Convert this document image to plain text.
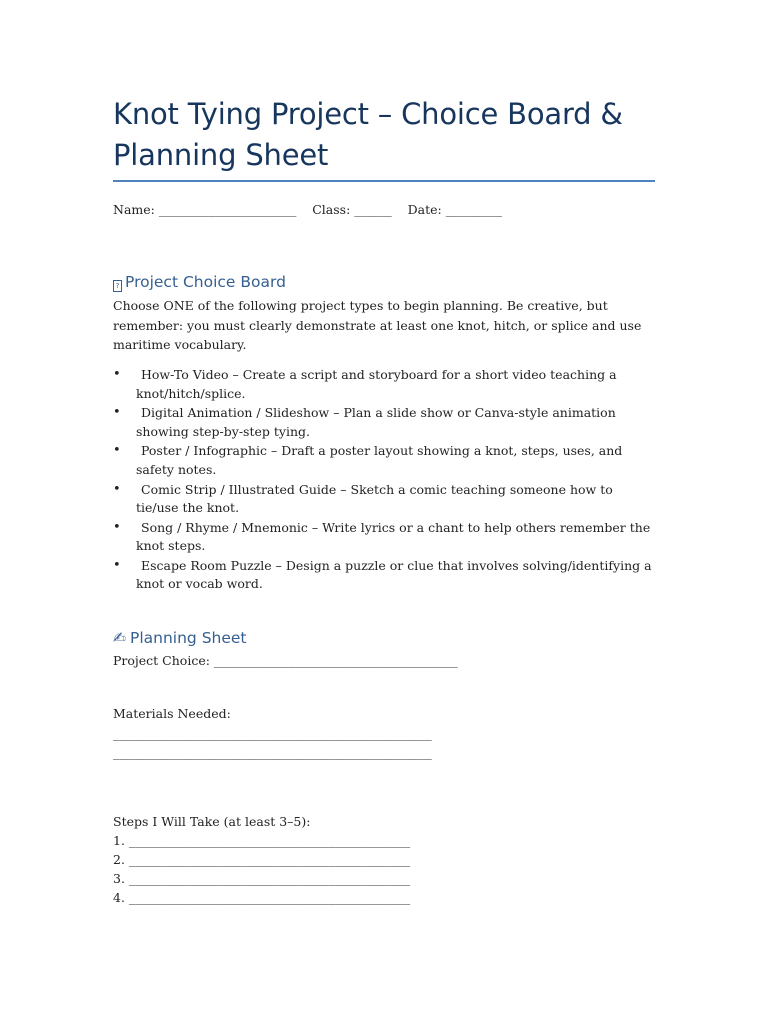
Knot Tying Project – Choice Board & Planning Sheet
Name: ______________________    Class: ______    Date: _________
? Project Choice Board

Choose ONE of the following project types to begin planning. Be creative, but remember: you must clearly demonstrate at least one knot, hitch, or splice and use maritime vocabulary.

•	How-To Video – Create a script and storyboard for a short video teaching a knot/hitch/splice.
•	Digital Animation / Slideshow – Plan a slide show or Canva-style animation showing step-by-step tying.
•	Poster / Infographic – Draft a poster layout showing a knot, steps, uses, and safety notes.
•	Comic Strip / Illustrated Guide – Sketch a comic teaching someone how to tie/use the knot.
•	Song / Rhyme / Mnemonic – Write lyrics or a chant to help others remember the knot steps.
•	Escape Room Puzzle – Design a puzzle or clue that involves solving/identifying a knot or vocab word.
✍ Planning Sheet
Project Choice: _______________________________________
Materials Needed:
___________________________________________________
___________________________________________________
Steps I Will Take (at least 3–5):
1. _____________________________________________
2. _____________________________________________
3. _____________________________________________
4. _____________________________________________
